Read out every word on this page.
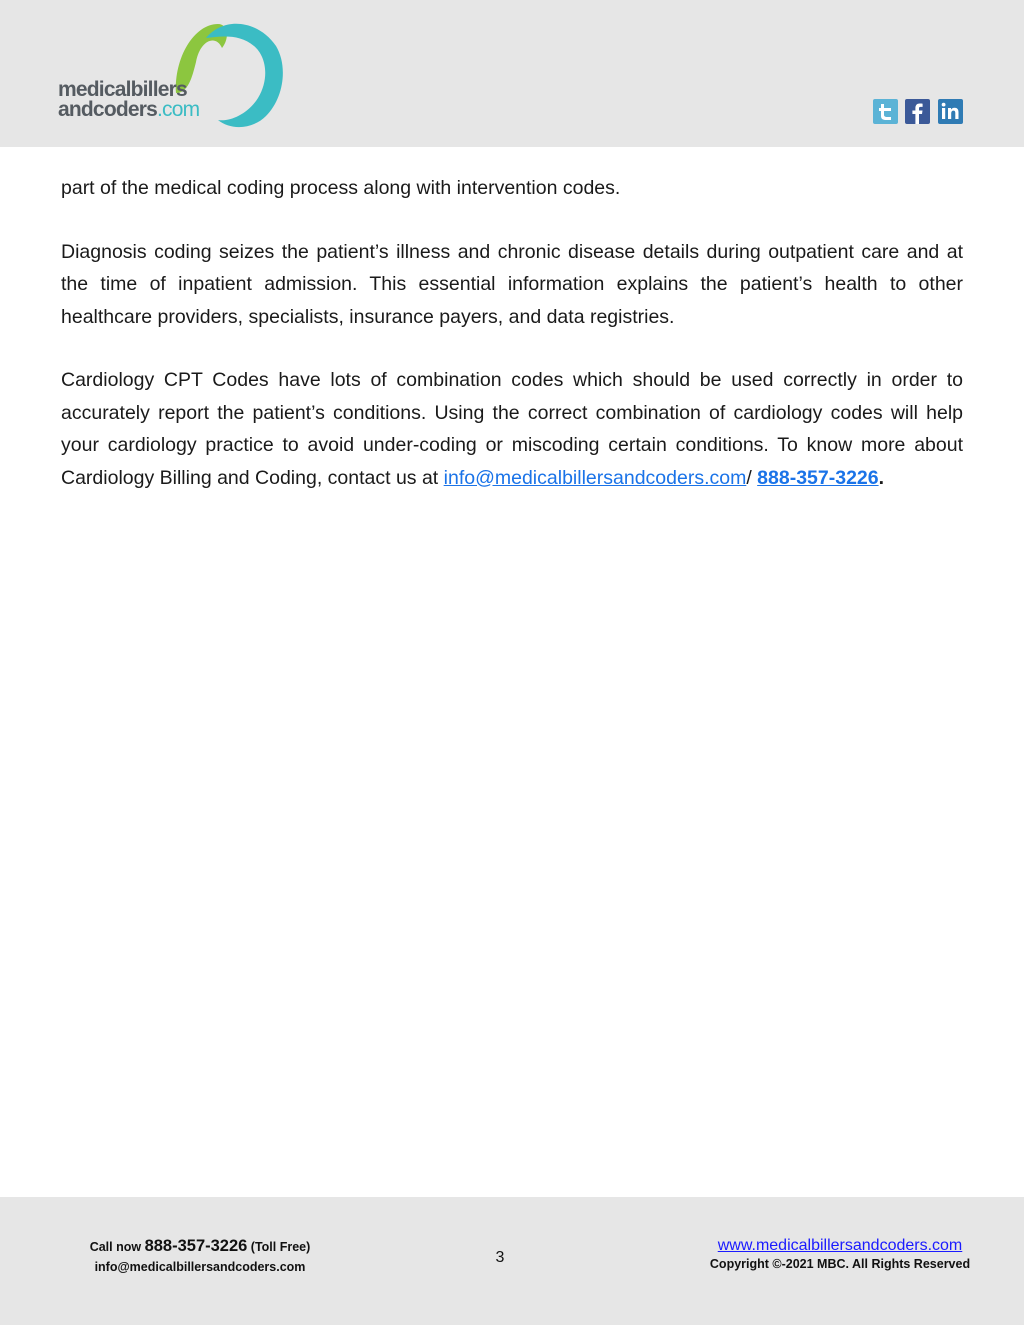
medicalbillers
andcoders.com

part of the medical coding process along with intervention codes.

Diagnosis coding seizes the patient’s illness and chronic disease details during outpatient care and at the time of inpatient admission. This essential information explains the patient’s health to other healthcare providers, specialists, insurance payers, and data registries.

Cardiology CPT Codes have lots of combination codes which should be used correctly in order to accurately report the patient’s conditions. Using the correct combination of cardiology codes will help your cardiology practice to avoid under-coding or miscoding certain conditions. To know more about Cardiology Billing and Coding, contact us at info@medicalbillersandcoders.com/ 888-357-3226.

Call now 888-357-3226 (Toll Free)
info@medicalbillersandcoders.com
3
www.medicalbillersandcoders.com
Copyright ©-2021 MBC. All Rights Reserved
